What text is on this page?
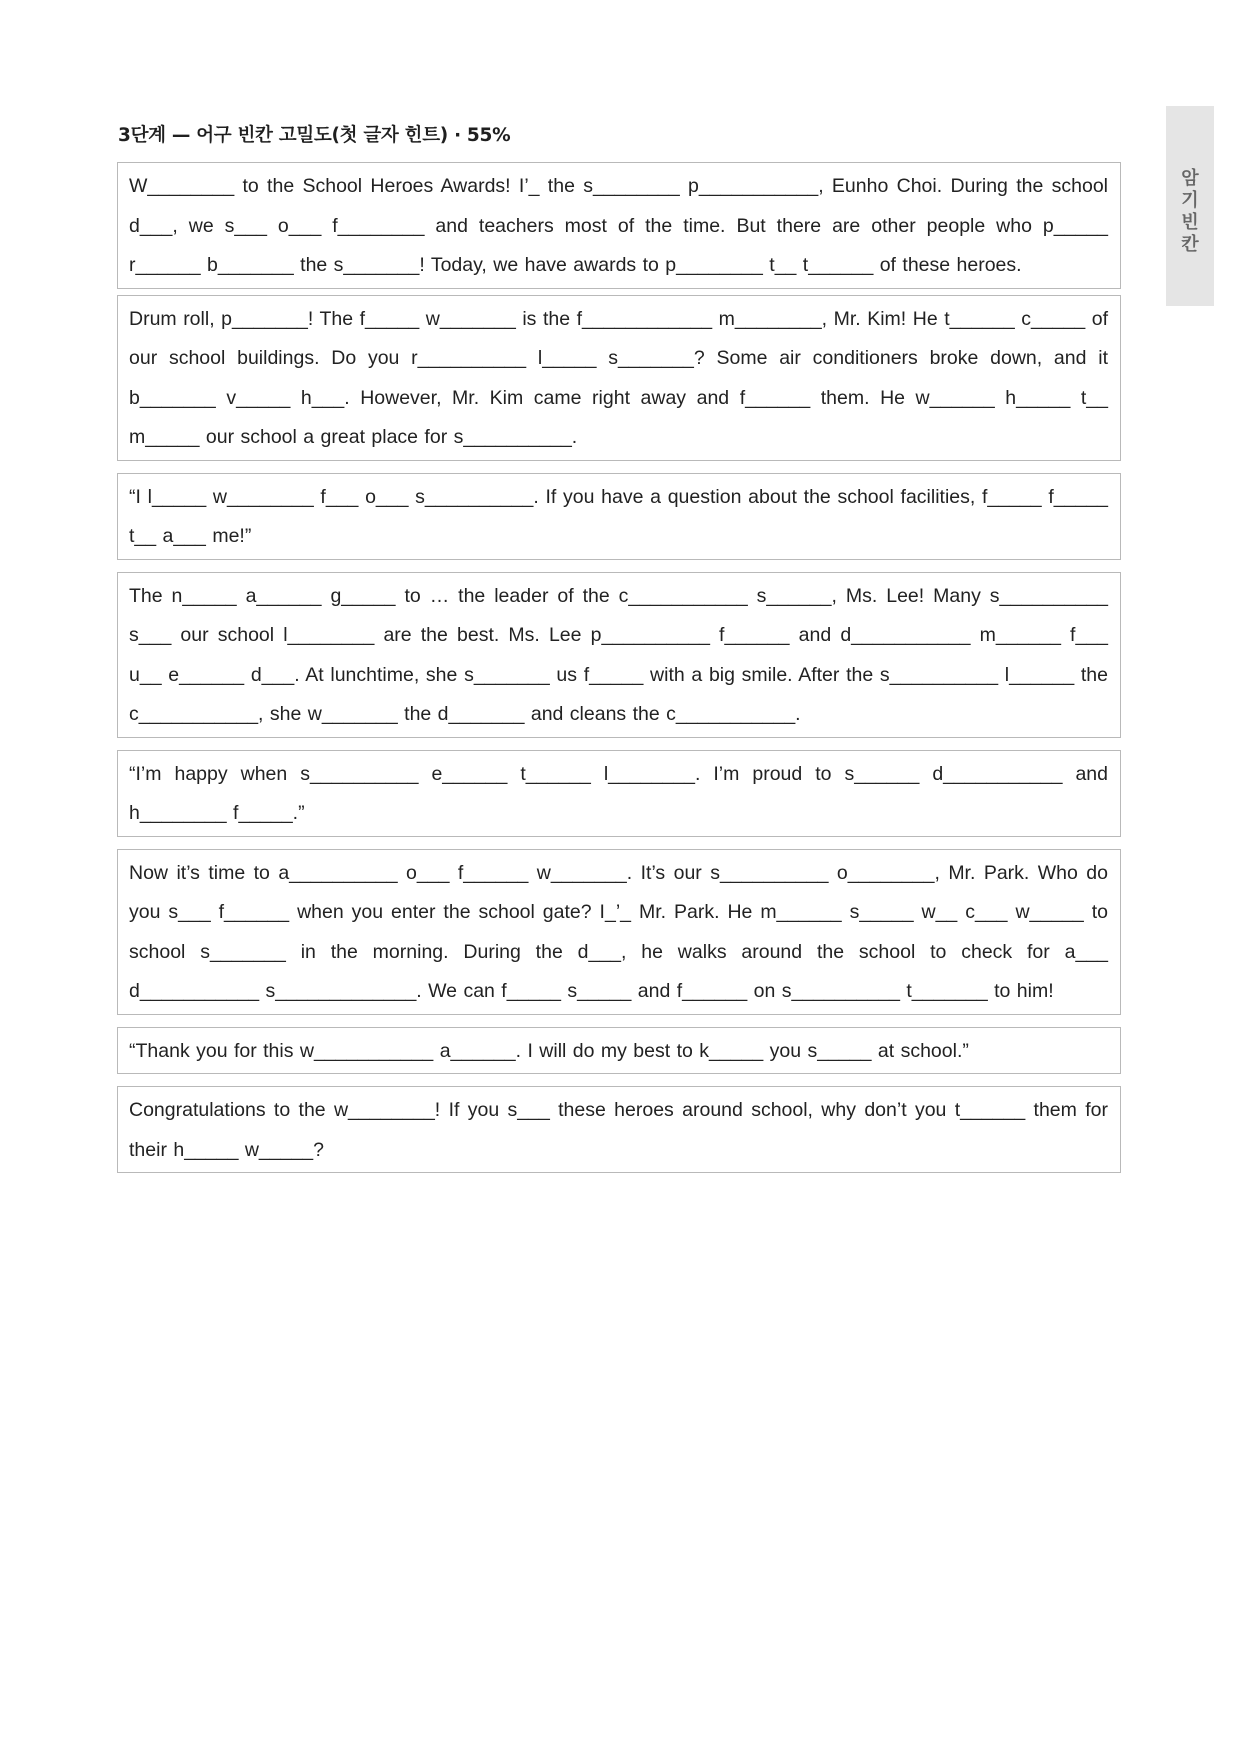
3단계 — 어구 빈칸 고밀도(첫 글자 힌트) · 55%
암
기
빈
칸
W________ to the School Heroes Awards! I’_ the s________ p___________, Eunho Choi. During the school d___, we s___ o___ f________ and teachers most of the time. But there are other people who p_____ r______ b_______ the s_______! Today, we have awards to p________ t__ t______ of these heroes.
Drum roll, p_______! The f_____ w_______ is the f____________ m________, Mr. Kim! He t______ c_____ of our school buildings. Do you r__________ l_____ s_______? Some air conditioners broke down, and it b_______ v_____ h___. However, Mr. Kim came right away and f______ them. He w______ h_____ t__ m_____ our school a great place for s__________.
“I l_____ w________ f___ o___ s__________. If you have a question about the school facilities, f_____ f_____ t__ a___ me!”
The n_____ a______ g_____ to … the leader of the c___________ s______, Ms. Lee! Many s__________ s___ our school l________ are the best. Ms. Lee p__________ f______ and d___________ m______ f___ u__ e______ d___. At lunchtime, she s_______ us f_____ with a big smile. After the s__________ l______ the c___________, she w_______ the d_______ and cleans the c___________.
“I’m happy when s__________ e______ t______ l________. I’m proud to s______ d___________ and h________ f_____.”
Now it’s time to a__________ o___ f______ w_______. It’s our s__________ o________, Mr. Park. Who do you s___ f______ when you enter the school gate? I_’_ Mr. Park. He m______ s_____ w__ c___ w_____ to school s_______ in the morning. During the d___, he walks around the school to check for a___ d___________ s_____________. We can f_____ s_____ and f______ on s__________ t_______ to him!
“Thank you for this w___________ a______. I will do my best to k_____ you s_____ at school.”
Congratulations to the w________! If you s___ these heroes around school, why don’t you t______ them for their h_____ w_____?
